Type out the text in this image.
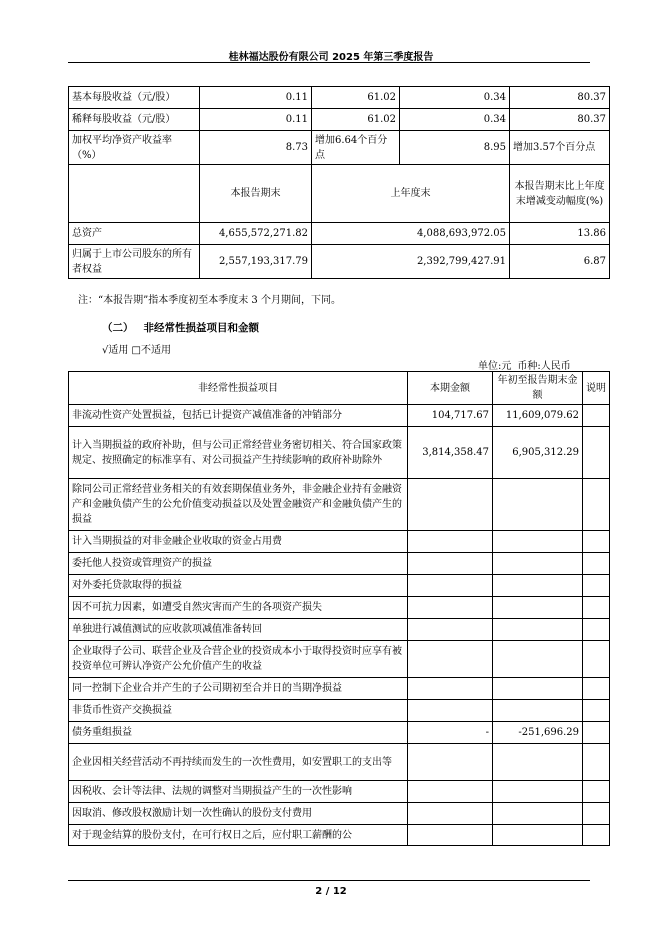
桂林福达股份有限公司 2025 年第三季度报告
基本每股收益（元/股）	0.11	61.02	0.34	80.37
稀释每股收益（元/股）	0.11	61.02	0.34	80.37
加权平均净资产收益率（%）	8.73	增加6.64个百分点	8.95	增加3.57个百分点
	本报告期末	上年度末		本报告期末比上年度末增减变动幅度(%)
总资产	4,655,572,271.82	4,088,693,972.05		13.86
归属于上市公司股东的所有者权益	2,557,193,317.79	2,392,799,427.91		6.87
注：“本报告期”指本季度初至本季度末 3 个月期间，下同。
（二） 非经常性损益项目和金额
√适用 □不适用
单位:元 币种:人民币
非经常性损益项目	本期金额	年初至报告期末金额	说明
非流动性资产处置损益，包括已计提资产减值准备的冲销部分	104,717.67	11,609,079.62	
计入当期损益的政府补助，但与公司正常经营业务密切相关、符合国家政策规定、按照确定的标准享有、对公司损益产生持续影响的政府补助除外	3,814,358.47	6,905,312.29	
除同公司正常经营业务相关的有效套期保值业务外，非金融企业持有金融资产和金融负债产生的公允价值变动损益以及处置金融资产和金融负债产生的损益			
计入当期损益的对非金融企业收取的资金占用费			
委托他人投资或管理资产的损益			
对外委托贷款取得的损益			
因不可抗力因素，如遭受自然灾害而产生的各项资产损失			
单独进行减值测试的应收款项减值准备转回			
企业取得子公司、联营企业及合营企业的投资成本小于取得投资时应享有被投资单位可辨认净资产公允价值产生的收益			
同一控制下企业合并产生的子公司期初至合并日的当期净损益			
非货币性资产交换损益			
债务重组损益	-	-251,696.29	
企业因相关经营活动不再持续而发生的一次性费用，如安置职工的支出等			
因税收、会计等法律、法规的调整对当期损益产生的一次性影响			
因取消、修改股权激励计划一次性确认的股份支付费用			
对于现金结算的股份支付，在可行权日之后，应付职工薪酬的公			
2 / 12
